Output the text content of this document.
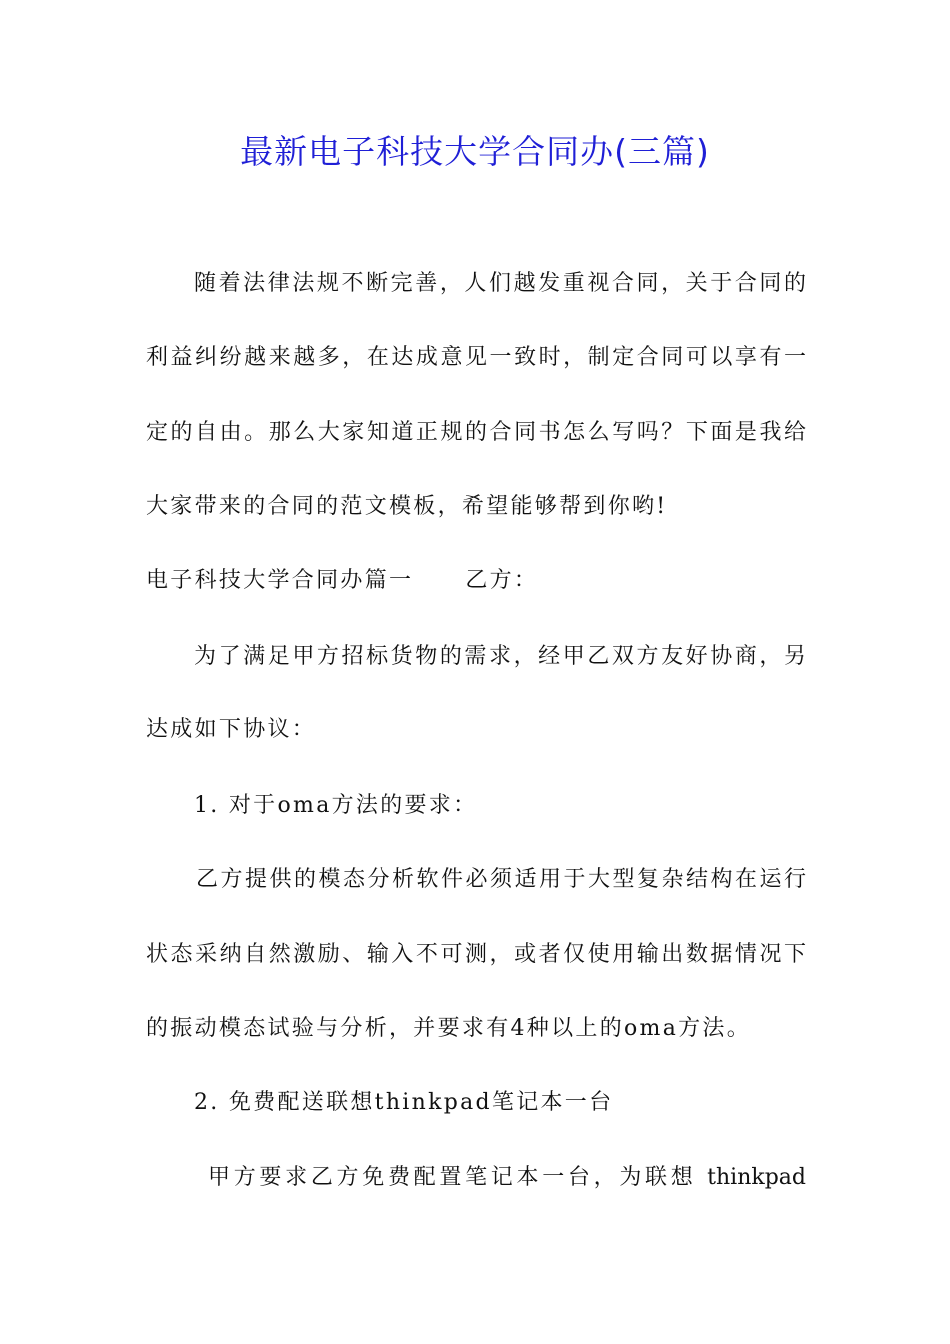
最新电子科技大学合同办(三篇)
随着法律法规不断完善，人们越发重视合同，关于合同的
利益纠纷越来越多，在达成意见一致时，制定合同可以享有一
定的自由。那么大家知道正规的合同书怎么写吗？下面是我给
大家带来的合同的范文模板，希望能够帮到你哟!
电子科技大学合同办篇一 乙方：
为了满足甲方招标货物的需求，经甲乙双方友好协商，另
达成如下协议：
1. 对于oma方法的要求：
乙方提供的模态分析软件必须适用于大型复杂结构在运行
状态采纳自然激励、输入不可测，或者仅使用输出数据情况下
的振动模态试验与分析，并要求有4种以上的oma方法。
2. 免费配送联想thinkpad笔记本一台
甲方要求乙方免费配置笔记本一台，为联想 thinkpad
